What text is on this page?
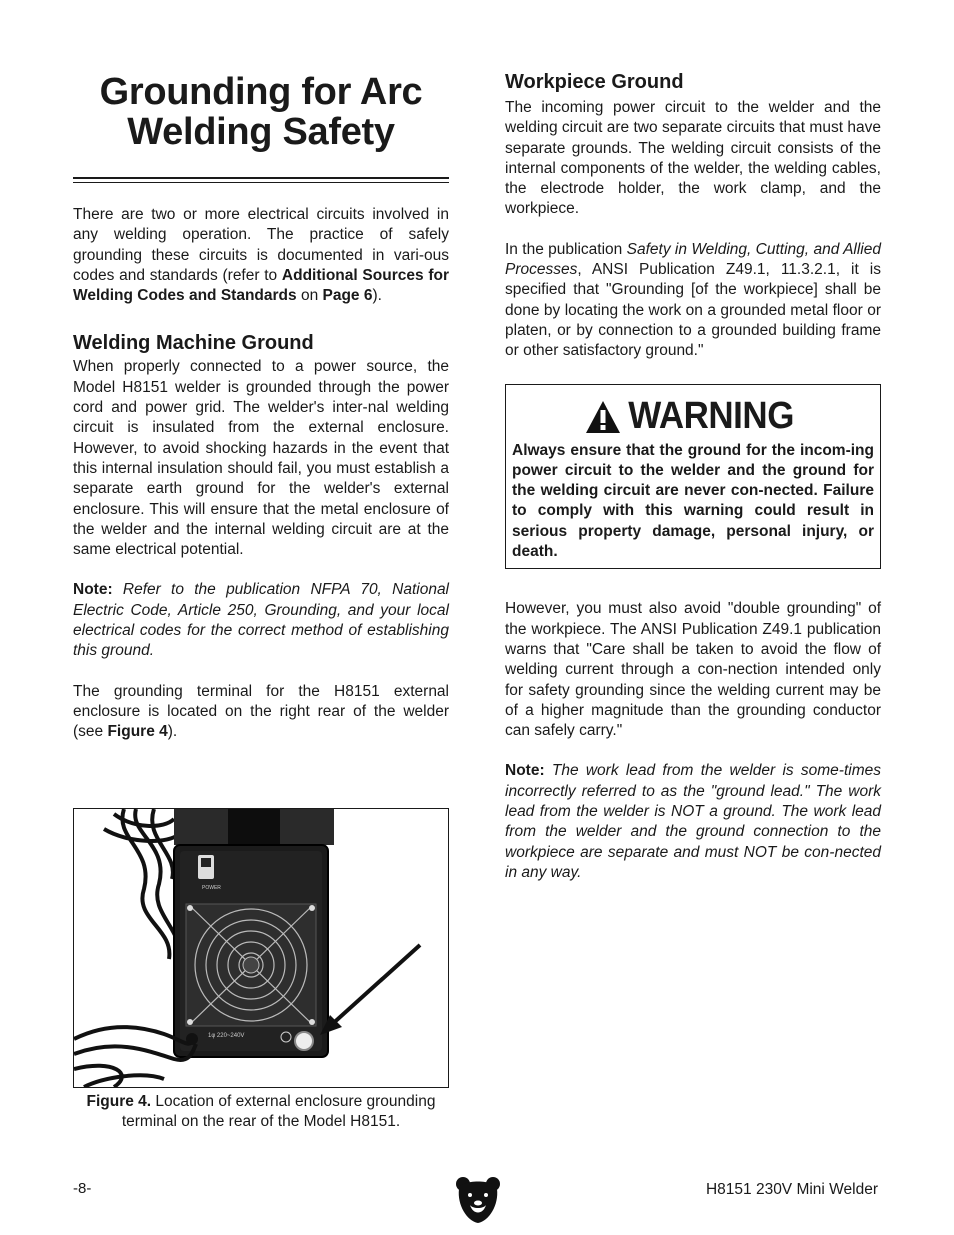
Grounding for Arc
Welding Safety

There are two or more electrical circuits involved in any welding operation. The practice of safely grounding these circuits is documented in vari-ous codes and standards (refer to Additional Sources for Welding Codes and Standards on Page 6).

Welding Machine Ground

When properly connected to a power source, the Model H8151 welder is grounded through the power cord and power grid. The welder's inter-nal welding circuit is insulated from the external enclosure. However, to avoid shocking hazards in the event that this internal insulation should fail, you must establish a separate earth ground for the welder's external enclosure. This will ensure that the metal enclosure of the welder and the internal welding circuit are at the same electrical potential.

Note: Refer to the publication NFPA 70, National Electric Code, Article 250, Grounding, and your local electrical codes for the correct method of establishing this ground.

The grounding terminal for the H8151 external enclosure is located on the right rear of the welder (see Figure 4).

POWER
1φ 220~240V
Figure 4. Location of external enclosure grounding terminal on the rear of the Model H8151.
Workpiece Ground

The incoming power circuit to the welder and the welding circuit are two separate circuits that must have separate grounds. The welding circuit consists of the internal components of the welder, the welding cables, the electrode holder, the work clamp, and the workpiece.

In the publication Safety in Welding, Cutting, and Allied Processes, ANSI Publication Z49.1, 11.3.2.1, it is specified that "Grounding [of the workpiece] shall be done by locating the work on a grounded metal floor or platen, or by connection to a grounded building frame or other satisfactory ground."

WARNING
Always ensure that the ground for the incom-ing power circuit to the welder and the ground for the welding circuit are never con-nected. Failure to comply with this warning could result in serious property damage, personal injury, or death.

However, you must also avoid "double grounding" of the workpiece. The ANSI Publication Z49.1 publication warns that "Care shall be taken to avoid the flow of welding current through a con-nection intended only for safety grounding since the welding current may be of a higher magnitude than the grounding conductor can safely carry."

Note: The work lead from the welder is some-times incorrectly referred to as the "ground lead." The work lead from the welder is NOT a ground. The work lead from the welder and the ground connection to the workpiece are separate and must NOT be con-nected in any way.

-8-	H8151 230V Mini Welder
